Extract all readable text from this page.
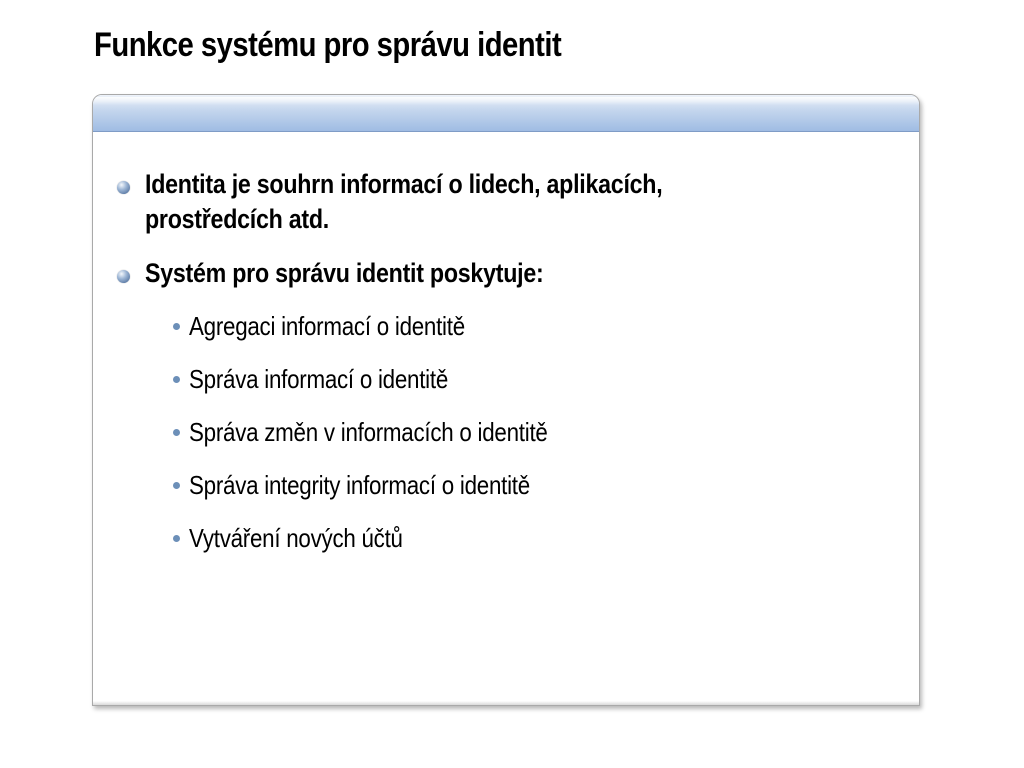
Funkce systému pro správu identit
Identita je souhrn informací o lidech, aplikacích, prostředcích atd.
Systém pro správu identit poskytuje:
Agregaci informací o identitě
Správa informací o identitě
Správa změn v informacích o identitě
Správa integrity informací o identitě
Vytváření nových účtů
